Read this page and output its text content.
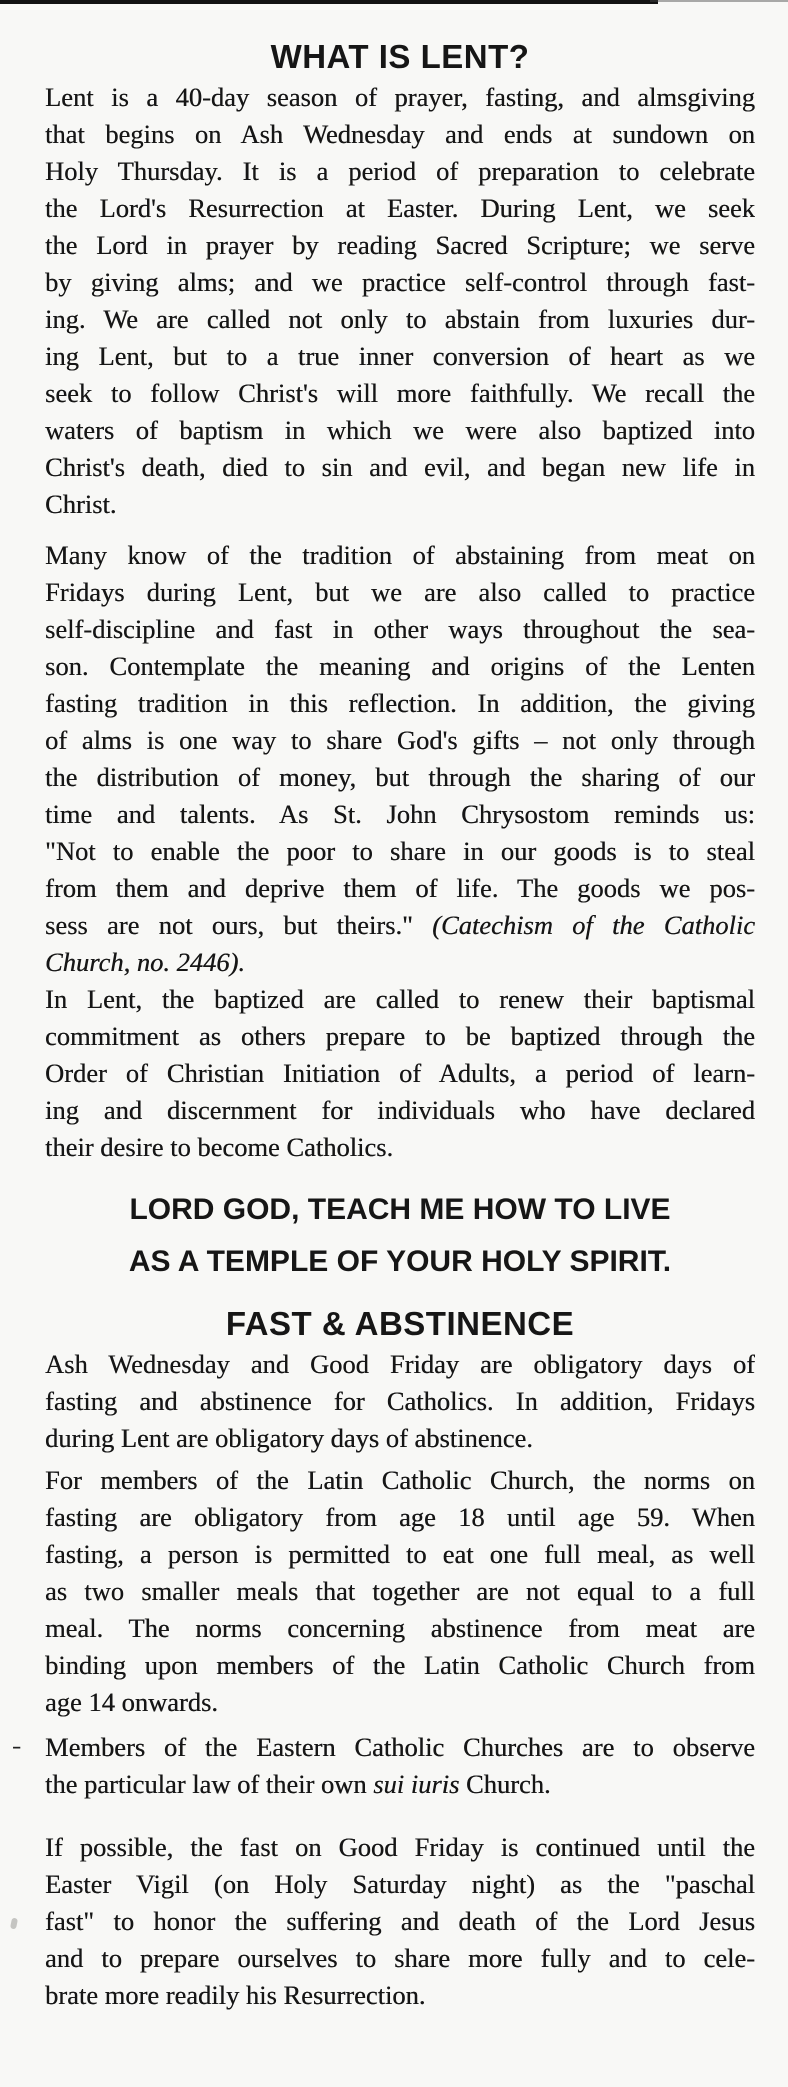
WHAT IS LENT?
Lent is a 40-day season of prayer, fasting, and almsgiving
that begins on Ash Wednesday and ends at sundown on
Holy Thursday. It is a period of preparation to celebrate
the Lord's Resurrection at Easter. During Lent, we seek
the Lord in prayer by reading Sacred Scripture; we serve
by giving alms; and we practice self-control through fast-
ing. We are called not only to abstain from luxuries dur-
ing Lent, but to a true inner conversion of heart as we
seek to follow Christ's will more faithfully. We recall the
waters of baptism in which we were also baptized into
Christ's death, died to sin and evil, and began new life in
Christ.
Many know of the tradition of abstaining from meat on
Fridays during Lent, but we are also called to practice
self-discipline and fast in other ways throughout the sea-
son. Contemplate the meaning and origins of the Lenten
fasting tradition in this reflection. In addition, the giving
of alms is one way to share God's gifts – not only through
the distribution of money, but through the sharing of our
time and talents. As St. John Chrysostom reminds us:
"Not to enable the poor to share in our goods is to steal
from them and deprive them of life. The goods we pos-
sess are not ours, but theirs." (Catechism of the Catholic
Church, no. 2446).
In Lent, the baptized are called to renew their baptismal
commitment as others prepare to be baptized through the
Order of Christian Initiation of Adults, a period of learn-
ing and discernment for individuals who have declared
their desire to become Catholics.
LORD GOD, TEACH ME HOW TO LIVE
AS A TEMPLE OF YOUR HOLY SPIRIT.
FAST & ABSTINENCE
Ash Wednesday and Good Friday are obligatory days of
fasting and abstinence for Catholics. In addition, Fridays
during Lent are obligatory days of abstinence.
For members of the Latin Catholic Church, the norms on
fasting are obligatory from age 18 until age 59. When
fasting, a person is permitted to eat one full meal, as well
as two smaller meals that together are not equal to a full
meal. The norms concerning abstinence from meat are
binding upon members of the Latin Catholic Church from
age 14 onwards.
- Members of the Eastern Catholic Churches are to observe
the particular law of their own sui iuris Church.
If possible, the fast on Good Friday is continued until the
Easter Vigil (on Holy Saturday night) as the "paschal
fast" to honor the suffering and death of the Lord Jesus
and to prepare ourselves to share more fully and to cele-
brate more readily his Resurrection.
